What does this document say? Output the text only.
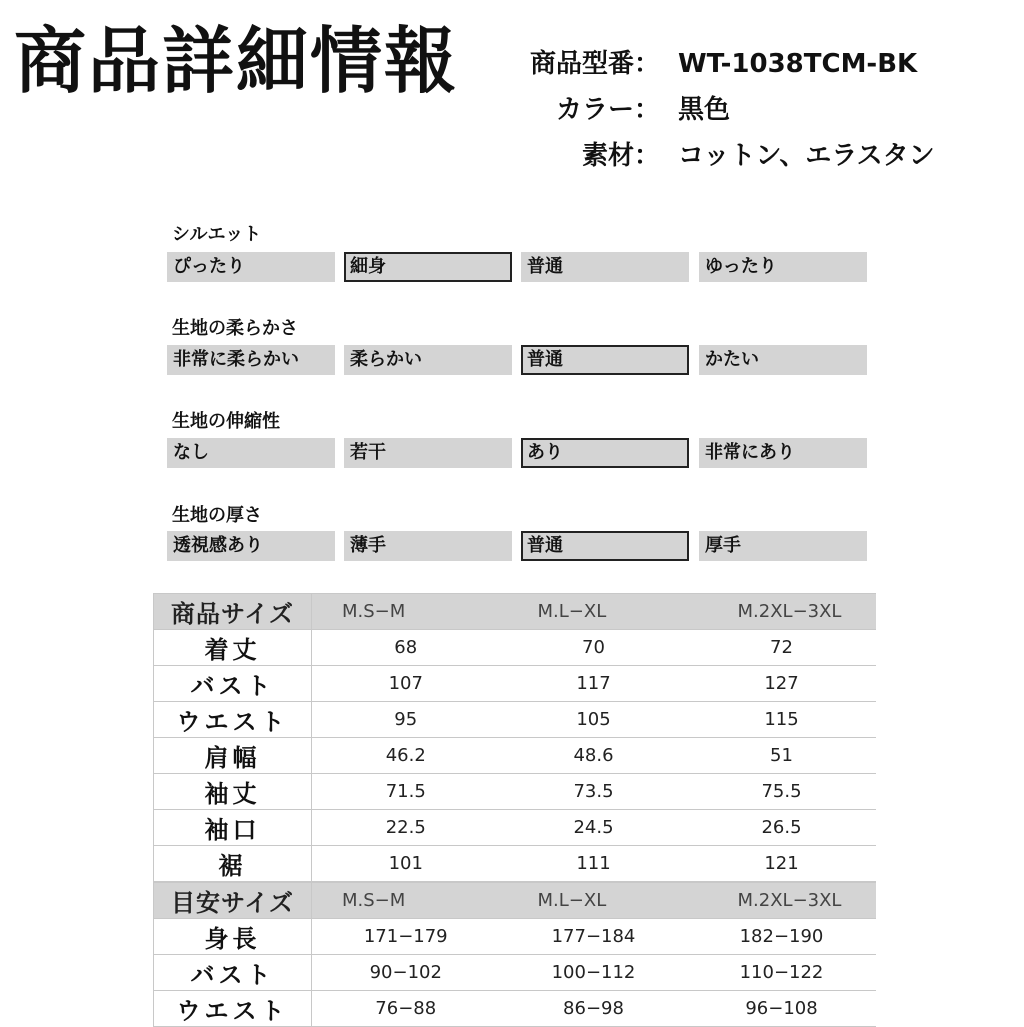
商品詳細情報	商品型番： WT-1038TCM-BK
カラー： 黒色
素材： コットン、エラスタン
シルエット
ぴったり	細身	普通	ゆったり
生地の柔らかさ
非常に柔らかい	柔らかい	普通	かたい
生地の伸縮性
なし	若干	あり	非常にあり
生地の厚さ
透視感あり	薄手	普通	厚手
商品サイズ	M.S−M	M.L−XL	M.2XL−3XL
着丈	68	70	72
バスト	107	117	127
ウエスト	95	105	115
肩幅	46.2	48.6	51
袖丈	71.5	73.5	75.5
袖口	22.5	24.5	26.5
裾	101	111	121
目安サイズ	M.S−M	M.L−XL	M.2XL−3XL
身長	171−179	177−184	182−190
バスト	90−102	100−112	110−122
ウエスト	76−88	86−98	96−108
